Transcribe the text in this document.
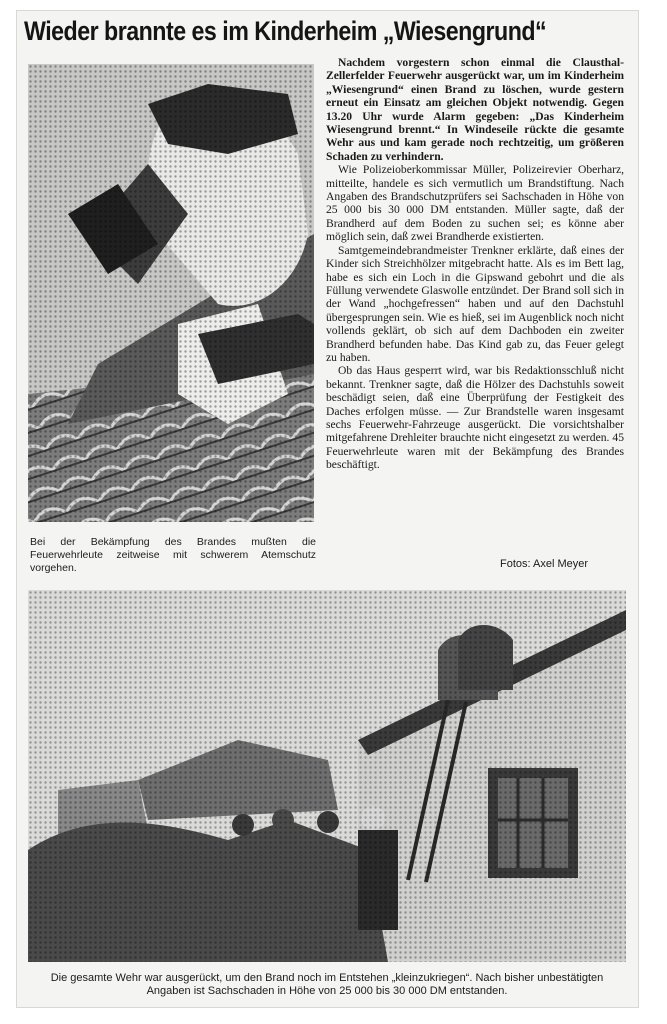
Wieder brannte es im Kinderheim „Wiesengrund“
Bei der Bekämpfung des Brandes mußten die Feuerwehrleute zeitweise mit schwerem Atemschutz vorgehen.

Nachdem vorgestern schon einmal die Clausthal-Zellerfelder Feuerwehr ausgerückt war, um im Kinderheim „Wiesengrund“ einen Brand zu löschen, wurde gestern erneut ein Einsatz am gleichen Objekt notwendig. Gegen 13.20 Uhr wurde Alarm gegeben: „Das Kinderheim Wiesengrund brennt.“ In Windeseile rückte die gesamte Wehr aus und kam gerade noch rechtzeitig, um größeren Schaden zu verhindern.

Wie Polizeioberkommissar Müller, Polizeirevier Oberharz, mitteilte, handele es sich vermutlich um Brandstiftung. Nach Angaben des Brandschutzprüfers sei Sachschaden in Höhe von 25 000 bis 30 000 DM entstanden. Müller sagte, daß der Brandherd auf dem Boden zu suchen sei; es könne aber möglich sein, daß zwei Brandherde existierten.

Samtgemeindebrandmeister Trenkner erklärte, daß eines der Kinder sich Streichhölzer mitgebracht hatte. Als es im Bett lag, habe es sich ein Loch in die Gipswand gebohrt und die als Füllung verwendete Glaswolle entzündet. Der Brand soll sich in der Wand „hochgefressen“ haben und auf den Dachstuhl übergesprungen sein. Wie es hieß, sei im Augenblick noch nicht vollends geklärt, ob sich auf dem Dachboden ein zweiter Brandherd befunden habe. Das Kind gab zu, das Feuer gelegt zu haben.

Ob das Haus gesperrt wird, war bis Redaktionsschluß nicht bekannt. Trenkner sagte, daß die Hölzer des Dachstuhls soweit beschädigt seien, daß eine Überprüfung der Festigkeit des Daches erfolgen müsse. — Zur Brandstelle waren insgesamt sechs Feuerwehr-Fahrzeuge ausgerückt. Die vorsichtshalber mitgefahrene Drehleiter brauchte nicht eingesetzt zu werden. 45 Feuerwehrleute waren mit der Bekämpfung des Brandes beschäftigt.

Fotos: Axel Meyer
Die gesamte Wehr war ausgerückt, um den Brand noch im Entstehen „kleinzukriegen“. Nach bisher unbestätigten Angaben ist Sachschaden in Höhe von 25 000 bis 30 000 DM entstanden.
